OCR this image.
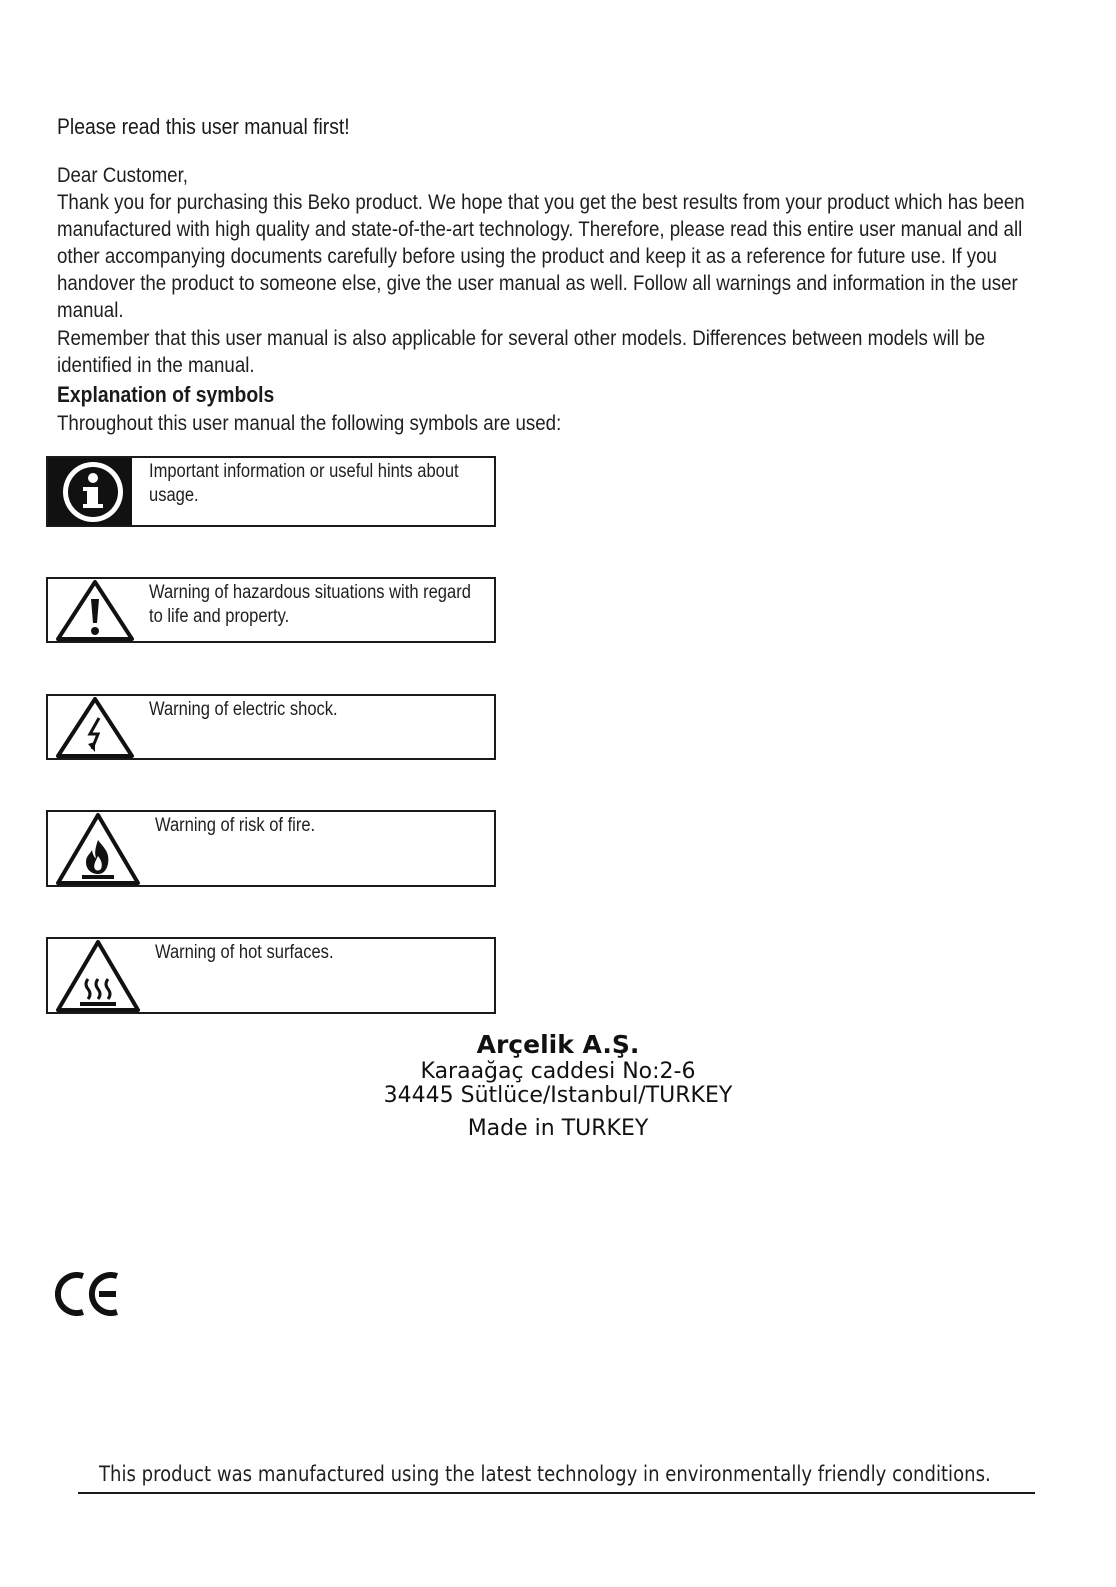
Please read this user manual first!
Dear Customer,
Thank you for purchasing this Beko product. We hope that you get the best results from your product which has been manufactured with high quality and state-of-the-art technology. Therefore, please read this entire user manual and all other accompanying documents carefully before using the product and keep it as a reference for future use. If you handover the product to someone else, give the user manual as well. Follow all warnings and information in the user manual.
Remember that this user manual is also applicable for several other models. Differences between models will be identified in the manual.
Explanation of symbols
Throughout this user manual the following symbols are used:
Important information or useful hints about usage.
Warning of hazardous situations with regard to life and property.
Warning of electric shock.
Warning of risk of fire.
Warning of hot surfaces.
Arçelik A.Ş.
Karaağaç caddesi No:2-6
34445 Sütlüce/Istanbul/TURKEY
Made in TURKEY
This product was manufactured using the latest technology in environmentally friendly conditions.
